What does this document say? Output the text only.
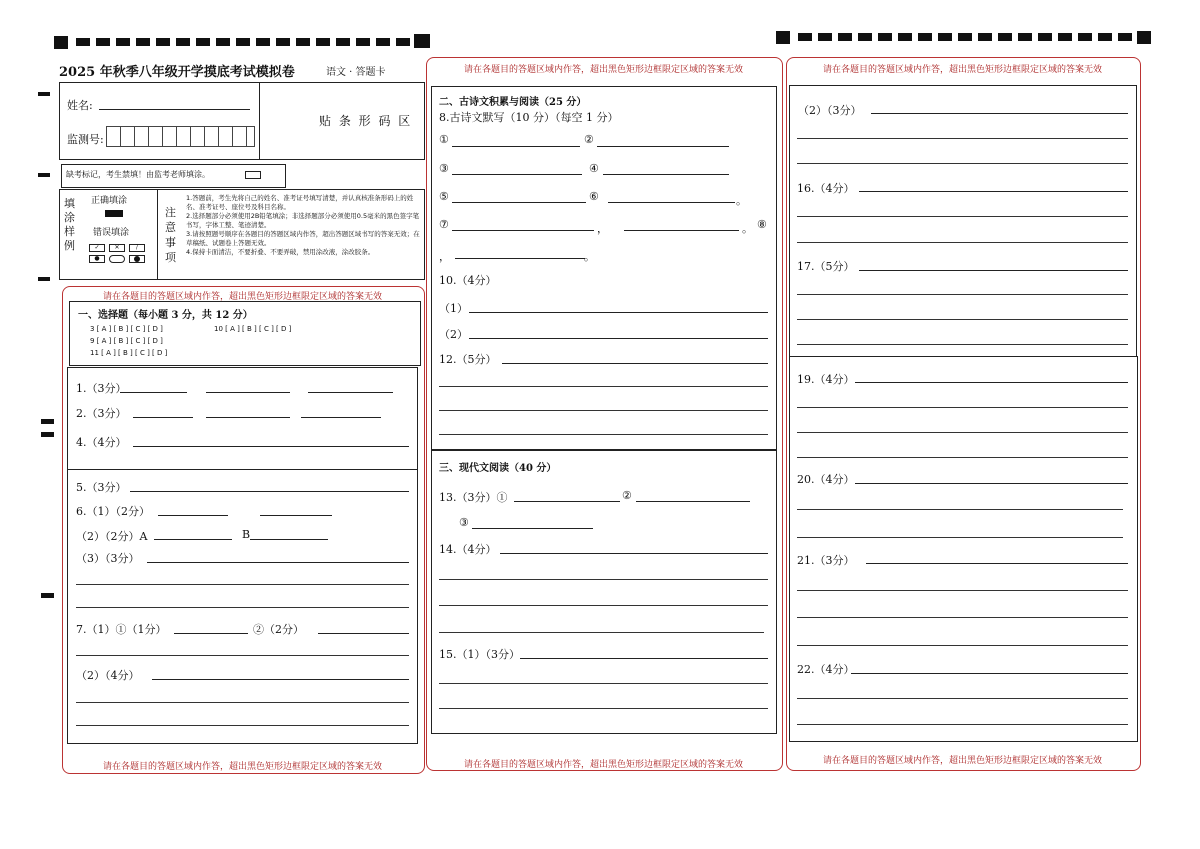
2025 年秋季八年级开学摸底考试模拟卷	语文 · 答题卡
姓名:
监测号:
贴 条 形 码 区
缺考标记，考生禁填！由监考老师填涂。
填涂样例
正确填涂
错误填涂
✓	✕	/
●
注意事项
1.答题前，考生先将自己的姓名、准考证号填写清楚，并认真核准条形码上的姓名、准考证号、座位号及科目名称。
2.选择题部分必须使用2B铅笔填涂；非选择题部分必须使用0.5毫米的黑色签字笔书写，字体工整、笔迹清楚。
3.请按照题号顺序在各题目的答题区域内作答，超出答题区域书写的答案无效；在草稿纸、试题卷上答题无效。
4.保持卡面清洁，不要折叠、不要弄破，禁用涂改液，涂改胶条。
请在各题目的答题区域内作答，超出黑色矩形边框限定区域的答案无效
请在各题目的答题区域内作答，超出黑色矩形边框限定区域的答案无效
一、选择题（每小题 3 分，共 12 分）
3 [ A ] [ B ] [ C ] [ D ]	10 [ A ] [ B ] [ C ] [ D ]
9 [ A ] [ B ] [ C ] [ D ]
11 [ A ] [ B ] [ C ] [ D ]
1.（3分）
2.（3分）
4.（4分）
5.（3分）
6.（1）（2分）
（2）（2分）A	B
（3）（3分）
7.（1）①（1分）	②（2分）
（2）（4分）
请在各题目的答题区域内作答，超出黑色矩形边框限定区域的答案无效
请在各题目的答题区域内作答，超出黑色矩形边框限定区域的答案无效
二、古诗文积累与阅读（25 分）
8.古诗文默写（10 分）（每空 1 分）
①	②
③	④
⑤	⑥	。
⑦	，	。 ⑧
，	。
10.（4分）
（1）
（2）
12.（5分）
三、现代文阅读（40 分）
13.（3分）①	②
③
14.（4分）
15.（1）（3分）
请在各题目的答题区域内作答，超出黑色矩形边框限定区域的答案无效
请在各题目的答题区域内作答，超出黑色矩形边框限定区域的答案无效
（2）（3分）
16.（4分）
17.（5分）
19.（4分）
20.（4分）
21.（3分）
22.（4分）
